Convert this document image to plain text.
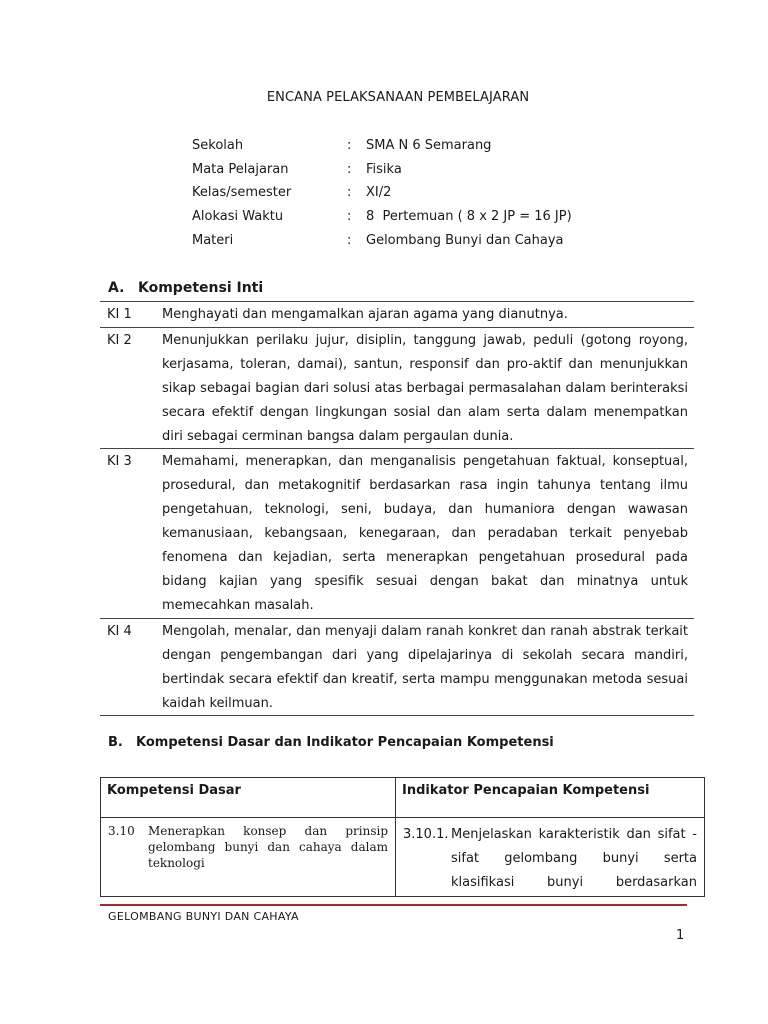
ENCANA PELAKSANAAN PEMBELAJARAN
Sekolah	:	SMA N 6 Semarang
Mata Pelajaran	:	Fisika
Kelas/semester	:	XI/2
Alokasi Waktu	:	8  Pertemuan ( 8 x 2 JP = 16 JP)
Materi	:	Gelombang Bunyi dan Cahaya
A. Kompetensi Inti
KI 1	Menghayati dan mengamalkan ajaran agama yang dianutnya.
KI 2	Menunjukkan perilaku jujur, disiplin, tanggung jawab, peduli (gotong royong, kerjasama, toleran, damai), santun, responsif dan pro-aktif dan menunjukkan sikap sebagai bagian dari solusi atas berbagai permasalahan dalam berinteraksi secara efektif dengan lingkungan sosial dan alam serta dalam menempatkan diri sebagai cerminan bangsa dalam pergaulan dunia.
KI 3	Memahami, menerapkan, dan menganalisis pengetahuan faktual, konseptual, prosedural, dan metakognitif berdasarkan rasa ingin tahunya tentang ilmu pengetahuan, teknologi, seni, budaya, dan humaniora dengan wawasan kemanusiaan, kebangsaan, kenegaraan, dan peradaban terkait penyebab fenomena dan kejadian, serta menerapkan pengetahuan prosedural pada bidang kajian yang spesifik sesuai dengan bakat dan minatnya untuk memecahkan masalah.
KI 4	Mengolah, menalar, dan menyaji dalam ranah konkret dan ranah abstrak terkait dengan pengembangan dari yang dipelajarinya di sekolah secara mandiri, bertindak secara efektif dan kreatif, serta mampu menggunakan metoda sesuai kaidah keilmuan.
B. Kompetensi Dasar dan Indikator Pencapaian Kompetensi
Kompetensi Dasar	Indikator Pencapaian Kompetensi

3.10 Menerapkan konsep dan prinsip gelombang bunyi dan cahaya dalam teknologi	3.10.1. Menjelaskan karakteristik dan sifat - sifat gelombang bunyi serta klasifikasi bunyi berdasarkan
GELOMBANG BUNYI DAN CAHAYA
1
